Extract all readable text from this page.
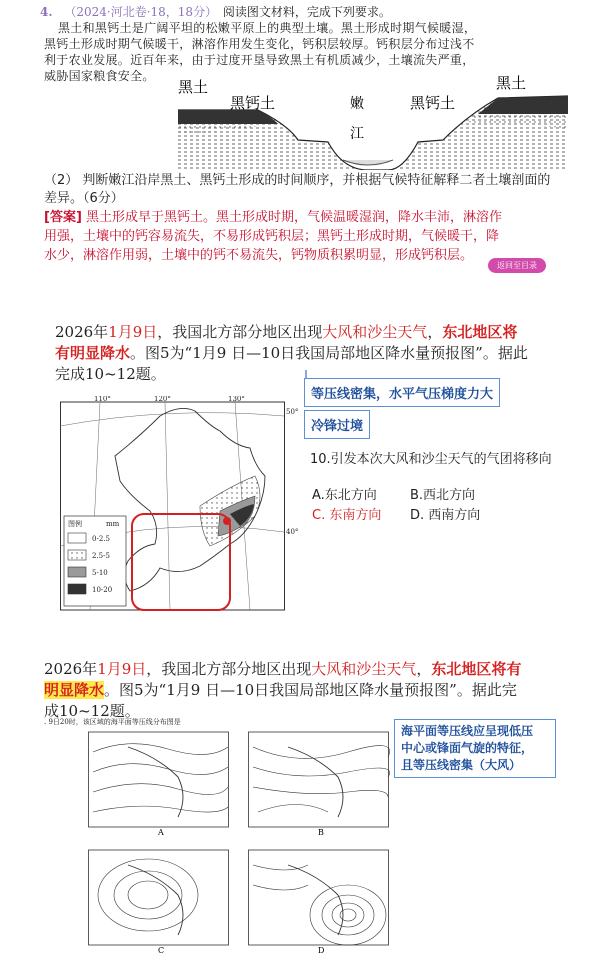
4. （2024·河北卷·18，18分） 阅读图文材料，完成下列要求。
黑土和黑钙土是广阔平坦的松嫩平原上的典型土壤。黑土形成时期气候暖湿，
黑钙土形成时期气候暖干，淋溶作用发生变化，钙积层较厚。钙积层分布过浅不
利于农业发展。近百年来，由于过度开垦导致黑土有机质减少，土壤流失严重，
威胁国家粮食安全。
黑土
黑钙土	嫩
江
黑钙土
黑土
（2） 判断嫩江沿岸黑土、黑钙土形成的时间顺序，并根据气候特征解释二者土壤剖面的
差异。（6分）
[答案] 黑土形成早于黑钙土。黑土形成时期，气候温暖湿润，降水丰沛，淋溶作
用强，土壤中的钙容易流失，不易形成钙积层；黑钙土形成时期，气候暖干，降
水少，淋溶作用弱，土壤中的钙不易流失，钙物质积累明显，形成钙积层。
返回至目录
2026年1月9日，我国北方部分地区出现大风和沙尘天气，东北地区将
有明显降水。图5为“1月9 日—10日我国局部地区降水量预报图”。据此
完成10~12题。
110°	120°	130°
50°
40°
图例	mm
0-2.5
2.5-5
5-10
10-20
等压线密集，水平气压梯度力大
冷锋过境
10.引发本次大风和沙尘天气的气团将移向
A.东北方向	B.西北方向
C. 东南方向 D. 西南方向
2026年1月9日，我国北方部分地区出现大风和沙尘天气，东北地区将有
明显降水。图5为“1月9 日—10日我国局部地区降水量预报图”。据此完
成10~12题。
. 9日20时，该区域的海平面等压线分布图是
海平面等压线应呈现低压
中心或锋面气旋的特征，
且等压线密集（大风）
A	B
C	D
